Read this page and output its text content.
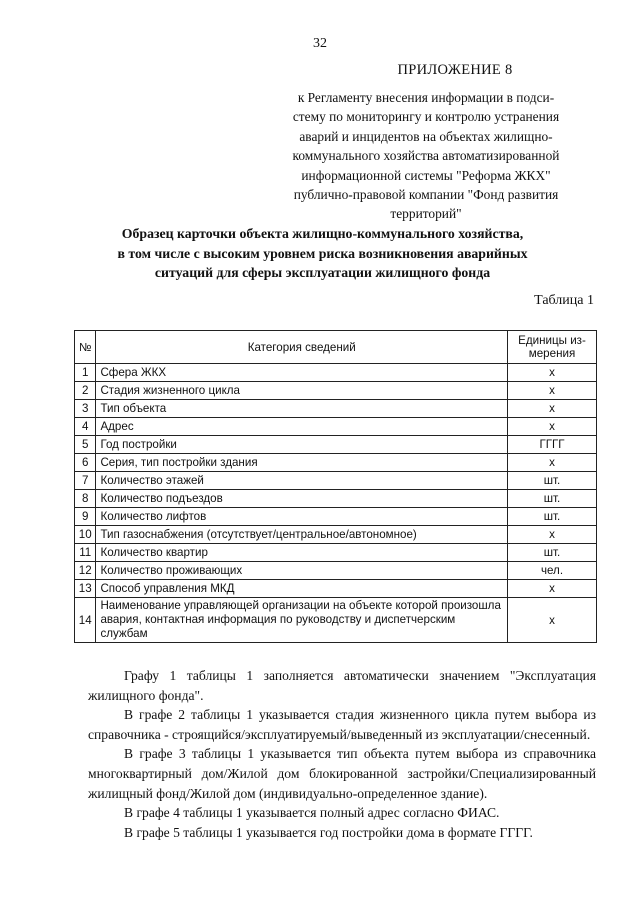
32
ПРИЛОЖЕНИЕ 8
к Регламенту внесения информации в подси-
стему по мониторингу и контролю устранения
аварий и инцидентов на объектах жилищно-
коммунального хозяйства автоматизированной
информационной системы "Реформа ЖКХ"
публично-правовой компании "Фонд развития
территорий"
Образец карточки объекта жилищно-коммунального хозяйства,
в том числе с высоким уровнем риска возникновения аварийных
ситуаций для сферы эксплуатации жилищного фонда
Таблица 1
№	Категория сведений	Единицы из-мерения
1	Сфера ЖКХ	х
2	Стадия жизненного цикла	х
3	Тип объекта	х
4	Адрес	х
5	Год постройки	ГГГГ
6	Серия, тип постройки здания	х
7	Количество этажей	шт.
8	Количество подъездов	шт.
9	Количество лифтов	шт.
10	Тип газоснабжения (отсутствует/центральное/автономное)	х
11	Количество квартир	шт.
12	Количество проживающих	чел.
13	Способ управления МКД	х
14	Наименование управляющей организации на объекте которой произошла авария, контактная информация по руководству и диспетчерским службам	х

Графу 1 таблицы 1 заполняется автоматически значением "Эксплуатация жилищного фонда".

В графе 2 таблицы 1 указывается стадия жизненного цикла путем выбора из справочника - строящийся/эксплуатируемый/выведенный из эксплуатации/снесенный.

В графе 3 таблицы 1 указывается тип объекта путем выбора из справочника многоквартирный дом/Жилой дом блокированной застройки/Специализированный жилищный фонд/Жилой дом (индивидуально-определенное здание).

В графе 4 таблицы 1 указывается полный адрес согласно ФИАС.

В графе 5 таблицы 1 указывается год постройки дома в формате ГГГГ.
